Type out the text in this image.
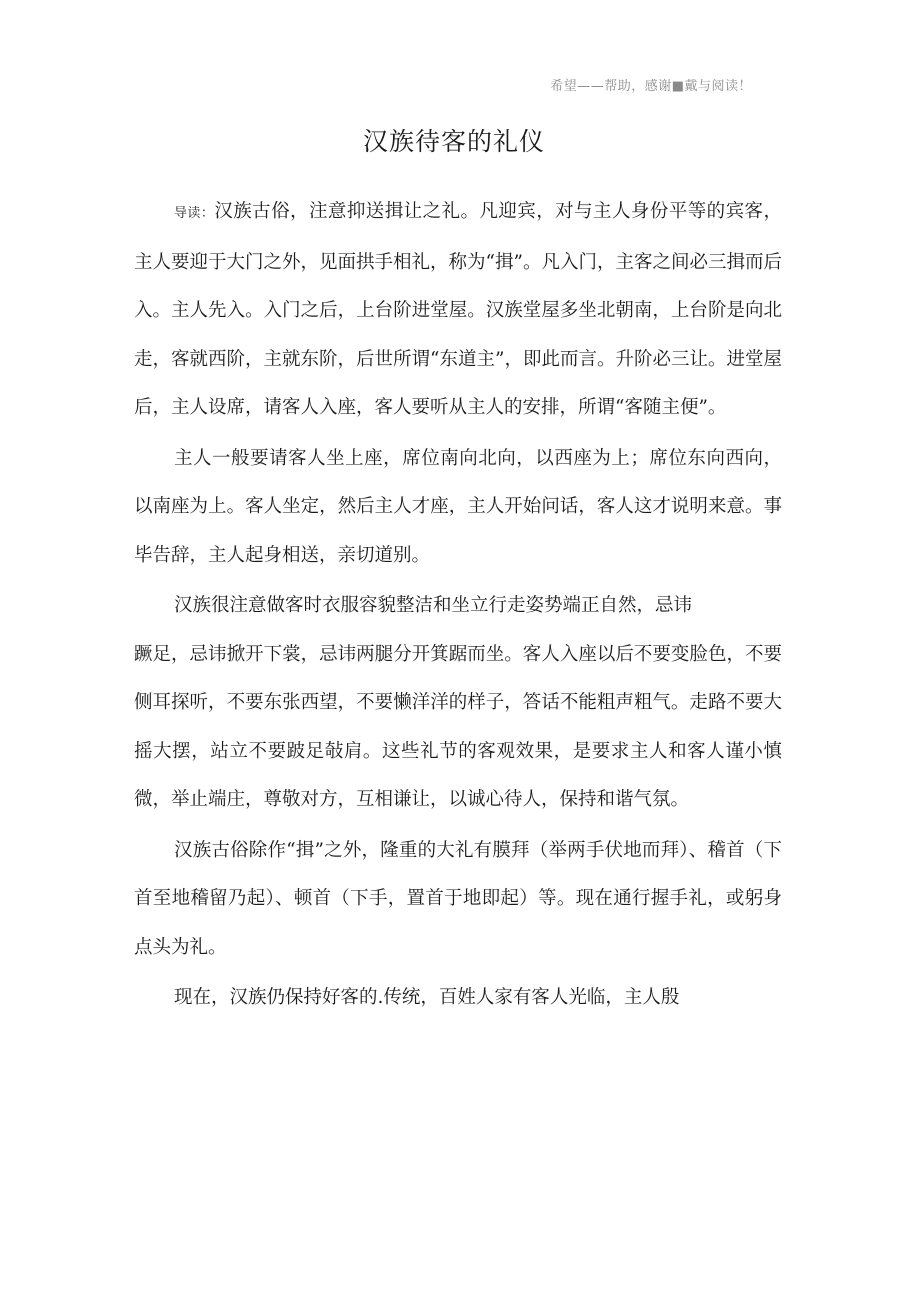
希望——帮助，感谢■戴与阅读！
汉族待客的礼仪

导读：汉族古俗，注意抑送揖让之礼。凡迎宾，对与主人身份平等的宾客，主人要迎于大门之外，见面拱手相礼，称为“揖”。凡入门，主客之间必三揖而后入。主人先入。入门之后，上台阶进堂屋。汉族堂屋多坐北朝南，上台阶是向北走，客就西阶，主就东阶，后世所谓“东道主”，即此而言。升阶必三让。进堂屋后，主人设席，请客人入座，客人要听从主人的安排，所谓“客随主便”。

主人一般要请客人坐上座，席位南向北向，以西座为上；席位东向西向，以南座为上。客人坐定，然后主人才座，主人开始问话，客人这才说明来意。事毕告辞，主人起身相送，亲切道别。

汉族很注意做客时衣服容貌整洁和坐立行走姿势端正自然，忌讳

蹶足，忌讳掀开下裳，忌讳两腿分开箕踞而坐。客人入座以后不要变脸色，不要侧耳探听，不要东张西望，不要懒洋洋的样子，答话不能粗声粗气。走路不要大摇大摆，站立不要跛足敧肩。这些礼节的客观效果，是要求主人和客人谨小慎微，举止端庄，尊敬对方，互相谦让，以诚心待人，保持和谐气氛。

汉族古俗除作“揖”之外，隆重的大礼有膜拜（举两手伏地而拜）、稽首（下首至地稽留乃起）、顿首（下手，置首于地即起）等。现在通行握手礼，或躬身点头为礼。

现在，汉族仍保持好客的.传统，百姓人家有客人光临，主人殷
